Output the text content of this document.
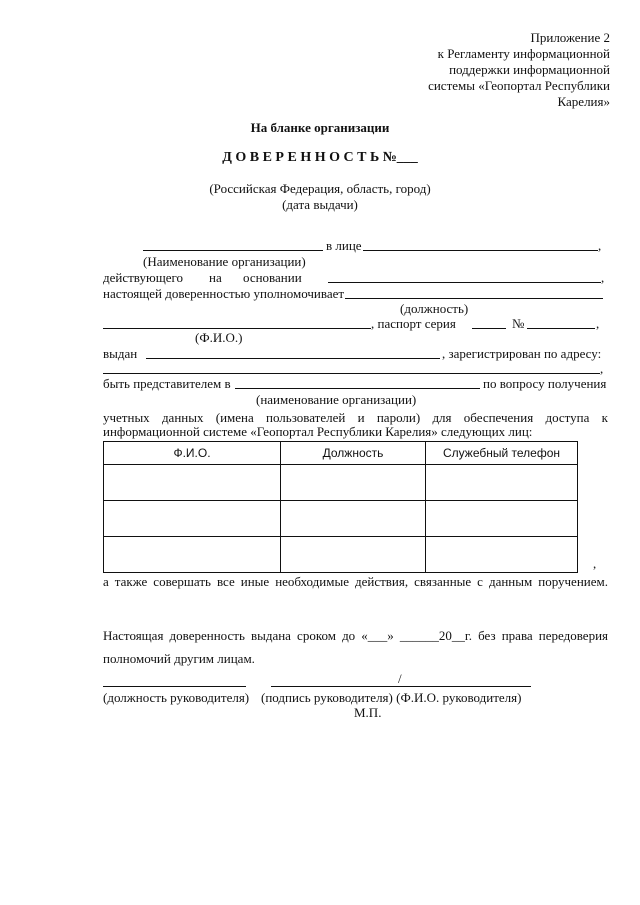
Приложение 2
к Регламенту информационной
поддержки информационной
системы «Геопортал Республики
Карелия»
На бланке организации
Д О В Е Р Е Н Н О С Т Ь №___
(Российская Федерация, область, город)
(дата выдачи)
в лице	,
(Наименование организации)
действующего на основании	,
настоящей доверенностью уполномочивает
(должность)
, паспорт серия	№	,
(Ф.И.О.)
выдан	, зарегистрирован по адресу:
,
быть представителем в	по вопросу получения
(наименование организации)
учетных данных (имена пользователей и пароли) для обеспечения доступа к
информационной системе «Геопортал Республики Карелия» следующих лиц:
Ф.И.О.	Должность	Служебный телефон

,
а также совершать все иные необходимые действия, связанные с данным поручением.
Настоящая доверенность выдана сроком до «___» ______20__г. без права передоверия
полномочий другим лицам.
/
(должность руководителя) (подпись руководителя) (Ф.И.О. руководителя)
М.П.
